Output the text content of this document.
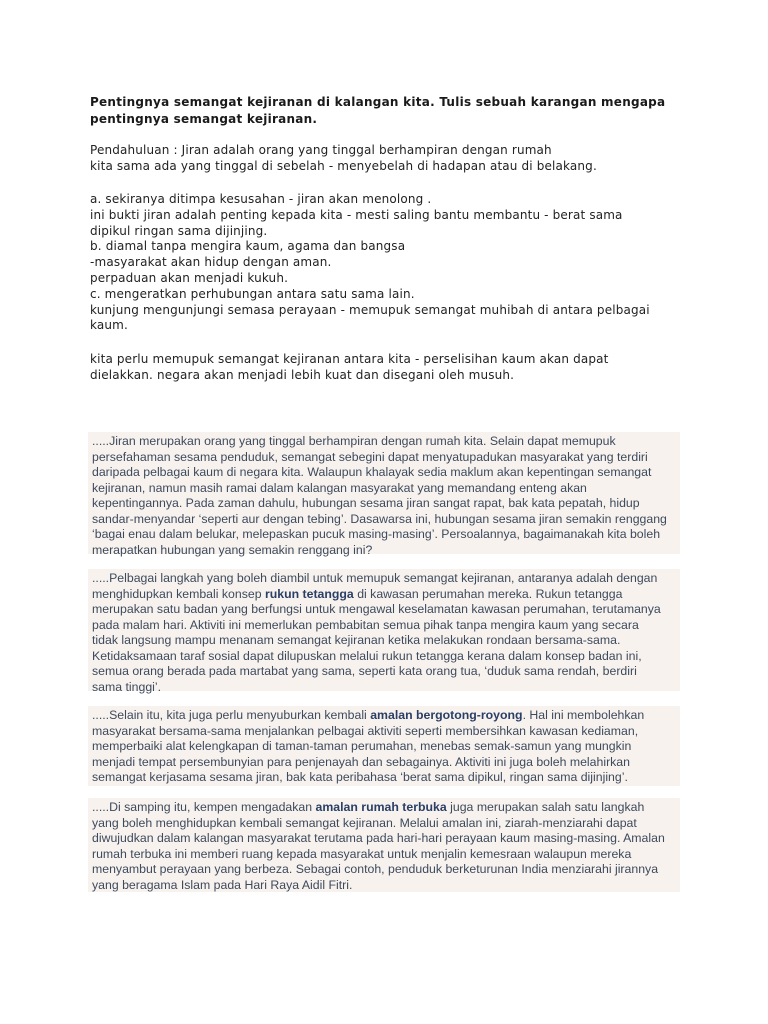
Pentingnya semangat kejiranan di kalangan kita. Tulis sebuah karangan mengapa
pentingnya semangat kejiranan.
Pendahuluan : Jiran adalah orang yang tinggal berhampiran dengan rumah
kita sama ada yang tinggal di sebelah - menyebelah di hadapan atau di belakang.
a. sekiranya ditimpa kesusahan - jiran akan menolong .
ini bukti jiran adalah penting kepada kita - mesti saling bantu membantu - berat sama
dipikul ringan sama dijinjing.
b. diamal tanpa mengira kaum, agama dan bangsa
-masyarakat akan hidup dengan aman.
perpaduan akan menjadi kukuh.
c. mengeratkan perhubungan antara satu sama lain.
kunjung mengunjungi semasa perayaan - memupuk semangat muhibah di antara pelbagai
kaum.
kita perlu memupuk semangat kejiranan antara kita - perselisihan kaum akan dapat
dielakkan. negara akan menjadi lebih kuat dan disegani oleh musuh.
.....Jiran merupakan orang yang tinggal berhampiran dengan rumah kita. Selain dapat memupuk
persefahaman sesama penduduk, semangat sebegini dapat menyatupadukan masyarakat yang terdiri
daripada pelbagai kaum di negara kita. Walaupun khalayak sedia maklum akan kepentingan semangat
kejiranan, namun masih ramai dalam kalangan masyarakat yang memandang enteng akan
kepentingannya. Pada zaman dahulu, hubungan sesama jiran sangat rapat, bak kata pepatah, hidup
sandar-menyandar ‘seperti aur dengan tebing’. Dasawarsa ini, hubungan sesama jiran semakin renggang
‘bagai enau dalam belukar, melepaskan pucuk masing-masing’. Persoalannya, bagaimanakah kita boleh
merapatkan hubungan yang semakin renggang ini?
.....Pelbagai langkah yang boleh diambil untuk memupuk semangat kejiranan, antaranya adalah dengan
menghidupkan kembali konsep rukun tetangga di kawasan perumahan mereka. Rukun tetangga
merupakan satu badan yang berfungsi untuk mengawal keselamatan kawasan perumahan, terutamanya
pada malam hari. Aktiviti ini memerlukan pembabitan semua pihak tanpa mengira kaum yang secara
tidak langsung mampu menanam semangat kejiranan ketika melakukan rondaan bersama-sama.
Ketidaksamaan taraf sosial dapat dilupuskan melalui rukun tetangga kerana dalam konsep badan ini,
semua orang berada pada martabat yang sama, seperti kata orang tua, ‘duduk sama rendah, berdiri
sama tinggi’.
.....Selain itu, kita juga perlu menyuburkan kembali amalan bergotong-royong. Hal ini membolehkan
masyarakat bersama-sama menjalankan pelbagai aktiviti seperti membersihkan kawasan kediaman,
memperbaiki alat kelengkapan di taman-taman perumahan, menebas semak-samun yang mungkin
menjadi tempat persembunyian para penjenayah dan sebagainya. Aktiviti ini juga boleh melahirkan
semangat kerjasama sesama jiran, bak kata peribahasa ‘berat sama dipikul, ringan sama dijinjing’.
.....Di samping itu, kempen mengadakan amalan rumah terbuka juga merupakan salah satu langkah
yang boleh menghidupkan kembali semangat kejiranan. Melalui amalan ini, ziarah-menziarahi dapat
diwujudkan dalam kalangan masyarakat terutama pada hari-hari perayaan kaum masing-masing. Amalan
rumah terbuka ini memberi ruang kepada masyarakat untuk menjalin kemesraan walaupun mereka
menyambut perayaan yang berbeza. Sebagai contoh, penduduk berketurunan India menziarahi jirannya
yang beragama Islam pada Hari Raya Aidil Fitri.
